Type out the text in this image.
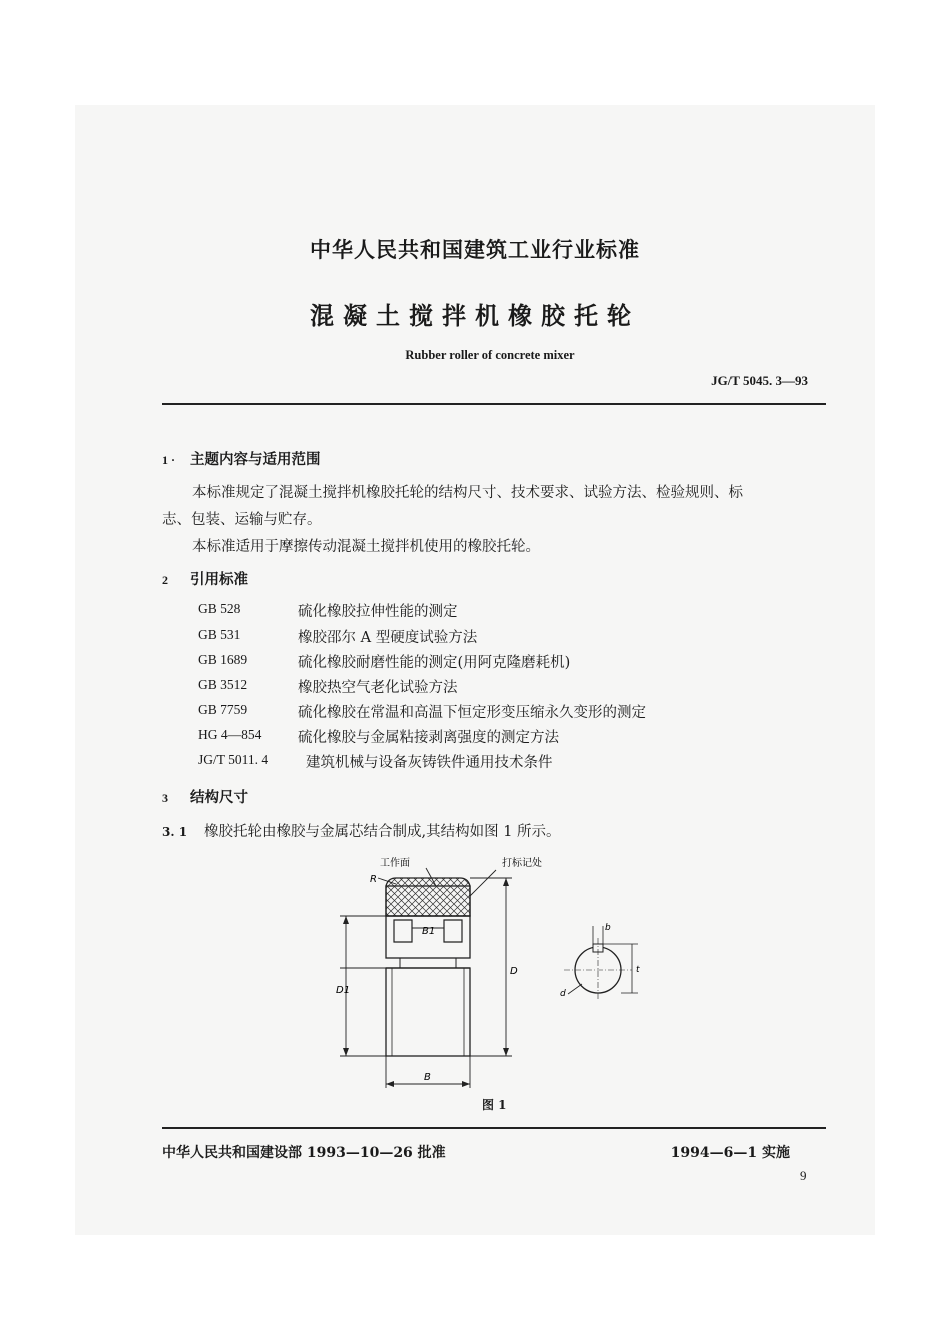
中华人民共和国建筑工业行业标准
混凝土搅拌机橡胶托轮
Rubber roller of concrete mixer
JG/T 5045. 3—93
1 · 主题内容与适用范围
本标准规定了混凝土搅拌机橡胶托轮的结构尺寸、技术要求、试验方法、检验规则、标
志、包装、运输与贮存。
本标准适用于摩擦传动混凝土搅拌机使用的橡胶托轮。
2 引用标准
GB 528	硫化橡胶拉伸性能的测定
GB 531	橡胶邵尔 A 型硬度试验方法
GB 1689	硫化橡胶耐磨性能的测定(用阿克隆磨耗机)
GB 3512	橡胶热空气老化试验方法
GB 7759	硫化橡胶在常温和高温下恒定形变压缩永久变形的测定
HG 4—854	硫化橡胶与金属粘接剥离强度的测定方法
JG/T 5011. 4	建筑机械与设备灰铸铁件通用技术条件
3 结构尺寸
3. 1 橡胶托轮由橡胶与金属芯结合制成,其结构如图 1 所示。
工作面	打标记处
R
B1
D1
D
B
b
t
d
图 1
中华人民共和国建设部 1993—10—26 批准	1994—6—1 实施
9
